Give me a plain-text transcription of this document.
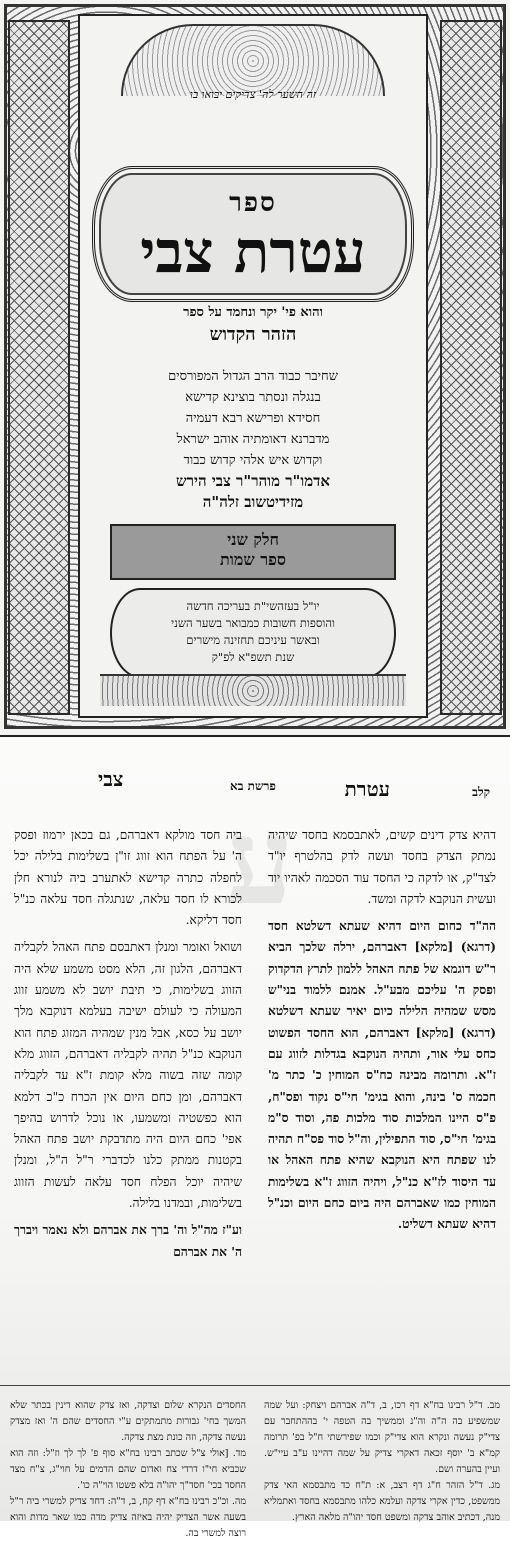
זה השער לה' צדיקים יבואו בו
ספר
עטרת צבי
והוא פי' יקר ונחמד על ספר
הזהר הקדוש
שחיבר כבוד הרב הגדול המפורסים
בנגלה ונסתר בוצינא קדישא
חסידא ופרישא רבא דעמיה
מדברנא דאומתיה אוהב ישראל
וקדוש איש אלהי קדוש כבוד
אדמו"ר מוהר"ר צבי הירש
מזידיטשוב זלה"ה
חלק שני
ספר שמות
יו"ל בעזהשי"ת בעריכה חדשה
והוספות חשובות כמבואר בשער השני
ובאשר עיניכם תחזינה מישרים
שנת תשפ"א לפ"ק
ע	קלב
עטרת
פרשת בא
צבי

דהיא צדק דינים קשים, לאתבסמא בחסד שיהיה נמתק הצדק בחסד ועשה לדק בהלטרף יו"ד לצד"ק, או לדקה כי החסד עוד הסכמה לאהיו יוד ועשית הנוקבא לדקה ומשד.

הה"ד כחום היום דהיא שעתא דשלטא חסד (דרגא) [מלקא] דאברהם, ירלה שלכך הביא ר"ש דוגמא של פתח האהל ללמון לתרץ הדקדוק ופסק ה' עליכם מבע"ל. אמנם ללמוד בני"ש מסש שמהיה הלילה כיום יאיר שעתא דשלטא (דרגא) [מלקא] דאברהם, הוא החסד הפשוט כחס עלי אור, ותהיה הנוקבא בגדלות לזווג עם ז"א. ותרומה מבינה כח"ס המוחין כ' כתר מ' חכמה ס' בינה, והוא בגימ' חי"ס נקוד ופס"ח, פ"ס היינו המלכות סוד מלכות פה, וסוד ס"מ בגימ' חי"ס, סוד התפילין, וה"ל סוד פס"ח תהיה לנו שפתח היא הנוקבא שהיא פתח האהל או עד היסוד לז"א כנ"ל, ויהיה הזווג ז"א בשלימות המוחין כמו שאברהם היה ביום כחם היום וכנ"ל דהיא שעתא דשליט.

ביה חסד מולקא דאברהם, גם בכאן ירמוז ופסק ה' על הפתח הוא זווג זו"ן בשלימות בלילה יכל לחפלה כתרה קדישא לאתערב ביה לנורא חלן לכורא לו חסד עלאה, שנתגלה חסד עלאה כנ"ל חסד דליקא.

ושואל ואומר ומנלן דאתבסם פתח האהל לקבליה דאברהם, הלגון זה, הלא מסט משמע שלא היה הזווג בשלימות, כי תיבת יושב לא משמע זווג המעולה כי לעולם ישיבה בעלמא דנוקבא מלך יושב על כסא, אבל מנין שמהיה המזוג פתח הוא הנוקבא כנ"ל תהיה לקבליה דאברהם, הזווג מלא קומה שזה בשוה מלא קומת ז"א עד לקבליה דאברהם, ומן כחם היום אין הכרח כ"כ דלמא הוא כפשטיה ומשמעו, או נוכל לדרוש בהיפך אפי' כחם היום היה מתדבקת יושב פתח האהל בקטנות ממתק כלנו לכדברי ר"ל ה"ל, ומנלן שיהיה יוכל הפלח חסד עלאה לעשות הזווג בשלימות, ובמדנו בלילה.

וע"ז מה"ל וה' ברך את אברהם ולא נאמר ויברך ה' את אברהם

מב. ד"ל רבינו בח"א דף רכו, ב, ד"ה אברהם ויצחק: ועל שמה שמשפיע בה ה"ה וה"נ וממשיך בה הטפה י' בההתחבר עם צדי"ק נעשה ונקרא הוא צדי"ק וכמו שפירשתי ח"ל בפ' תרומה קמ"א ב' יוסף זכאה דאקרי צדיק על שמה דהיינו ע"ב עיי"ש. ועיין בהערה ושם.
מג. ד"ל הזהר ח"ג דף רצב, א: ת"ח כד מתבסמא האי צדק ממשפט, כדין אקרי צדקה ועלמא כלהו מתבסמא בחסד ואתמליא מנה, דכתיב אוהב צדקה ומשפט חסד יהו"ה מלאה הארץ.
החסדים הנקרא שלום וצדקה, ואז צדק שהוא דינין בכתר שלא המשך בחי' גבורות מתמתקים ע"י החסדים שהם ה' ואז מצדק נעשה צדקה, וזה כונת מצת צדקה.
מד. [אולי צ"ל שכתב רבינו בח"א סוף פ' לך לך וז"ל: וזה הוא שכביא חי"ו דרדי צח ואדום שהם הדמים על חוי"ג, צ"ח מצד החסד בכי' חסד"ך יהו"ה בלא פשטו הוי"ה כו'.
מה. וכ"כ רבינו בח"א דף קח, ב, ד"ה: דחד צדיק למשרי ביה ר"ל בשעה אשר הצדיק יהיה באיזה צדיק מדה כמו שאר מדות והוא רוצה למשרי בה.
